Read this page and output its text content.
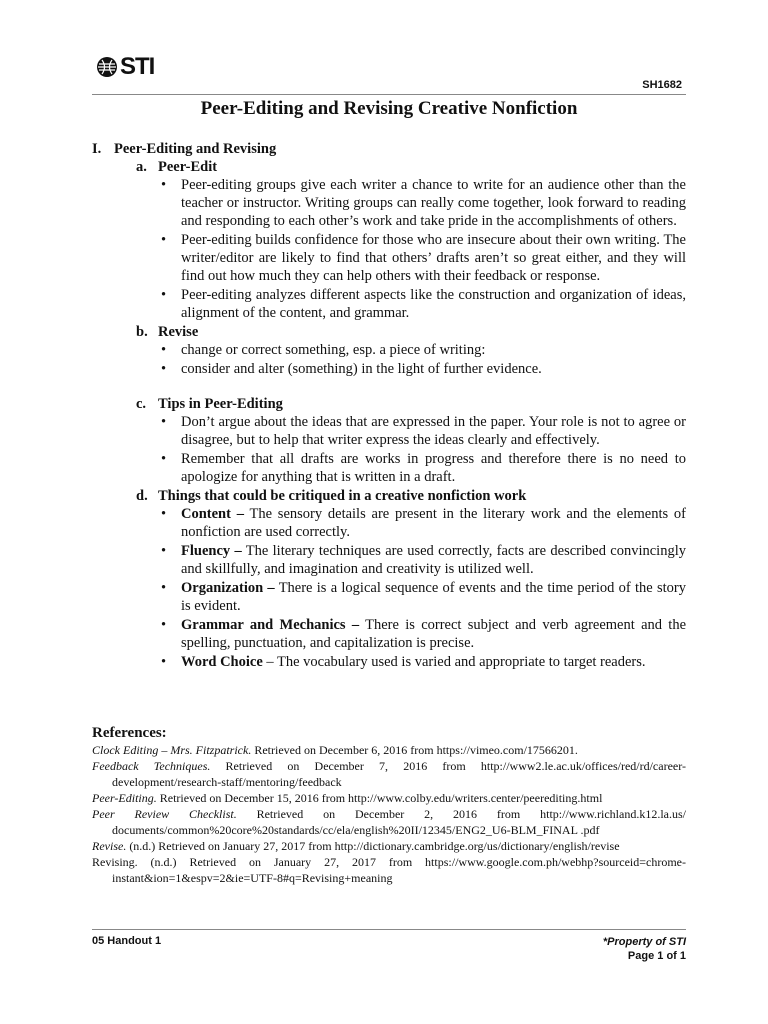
STI
SH1682
Peer-Editing and Revising Creative Nonfiction
I. Peer-Editing and Revising
a. Peer-Edit
• Peer-editing groups give each writer a chance to write for an audience other than the teacher or instructor. Writing groups can really come together, look forward to reading and responding to each other’s work and take pride in the accomplishments of others.
• Peer-editing builds confidence for those who are insecure about their own writing. The writer/editor are likely to find that others’ drafts aren’t so great either, and they will find out how much they can help others with their feedback or response.
• Peer-editing analyzes different aspects like the construction and organization of ideas, alignment of the content, and grammar.
b. Revise
• change or correct something, esp. a piece of writing:
• consider and alter (something) in the light of further evidence.
c. Tips in Peer-Editing
• Don’t argue about the ideas that are expressed in the paper. Your role is not to agree or disagree, but to help that writer express the ideas clearly and effectively.
• Remember that all drafts are works in progress and therefore there is no need to apologize for anything that is written in a draft.
d. Things that could be critiqued in a creative nonfiction work
• Content – The sensory details are present in the literary work and the elements of nonfiction are used correctly.
• Fluency – The literary techniques are used correctly, facts are described convincingly and skillfully, and imagination and creativity is utilized well.
• Organization – There is a logical sequence of events and the time period of the story is evident.
• Grammar and Mechanics – There is correct subject and verb agreement and the spelling, punctuation, and capitalization is precise.
• Word Choice – The vocabulary used is varied and appropriate to target readers.
References:
Clock Editing – Mrs. Fitzpatrick. Retrieved on December 6, 2016 from https://vimeo.com/17566201.
Feedback Techniques. Retrieved on December 7, 2016 from http://www2.le.ac.uk/offices/red/rd/career-development/research-staff/mentoring/feedback
Peer-Editing. Retrieved on December 15, 2016 from http://www.colby.edu/writers.center/peerediting.html
Peer Review Checklist. Retrieved on December 2, 2016 from http://www.richland.k12.la.us/ documents/common%20core%20standards/cc/ela/english%20II/12345/ENG2_U6-BLM_FINAL .pdf
Revise. (n.d.) Retrieved on January 27, 2017 from http://dictionary.cambridge.org/us/dictionary/english/revise
Revising. (n.d.) Retrieved on January 27, 2017 from https://www.google.com.ph/webhp?sourceid=chrome-instant&ion=1&espv=2&ie=UTF-8#q=Revising+meaning
05 Handout 1	*Property of STI
Page 1 of 1
